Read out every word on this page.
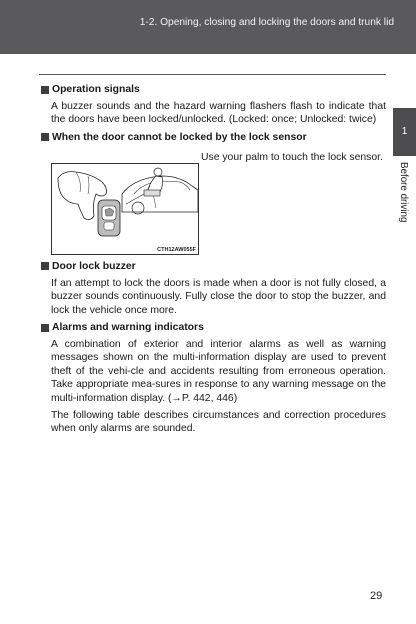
1-2. Opening, closing and locking the doors and trunk lid
1
Before driving
Operation signals

A buzzer sounds and the hazard warning flashers flash to indicate that the doors have been locked/unlocked. (Locked: once; Unlocked: twice)

When the door cannot be locked by the lock sensor
CTH12AW055F
Use your palm to touch the lock sensor.
Door lock buzzer

If an attempt to lock the doors is made when a door is not fully closed, a buzzer sounds continuously. Fully close the door to stop the buzzer, and lock the vehicle once more.

Alarms and warning indicators

A combination of exterior and interior alarms as well as warning messages shown on the multi-information display are used to prevent theft of the vehi-cle and accidents resulting from erroneous operation. Take appropriate mea-sures in response to any warning message on the multi-information display. (→P. 442, 446)

The following table describes circumstances and correction procedures when only alarms are sounded.

29
